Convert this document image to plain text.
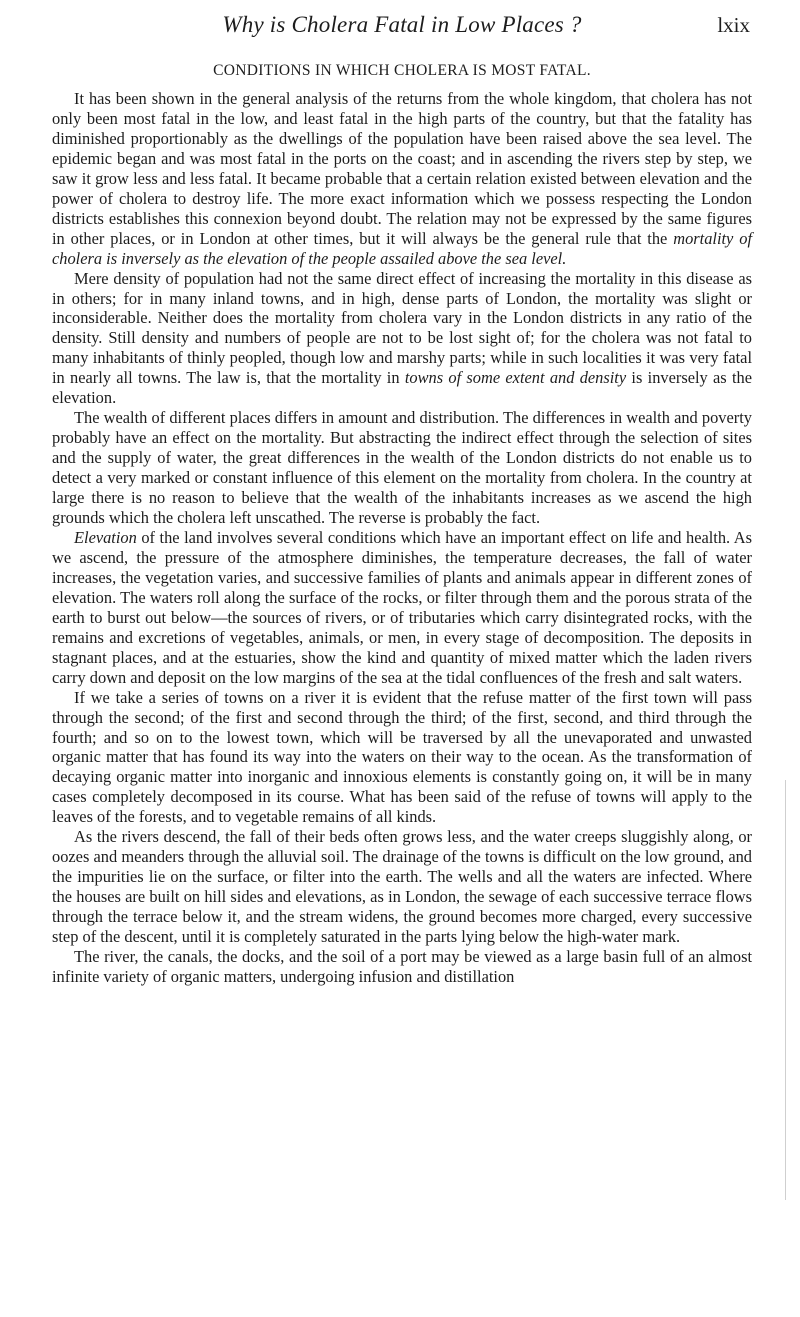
Why is Cholera Fatal in Low Places ?	lxix
CONDITIONS IN WHICH CHOLERA IS MOST FATAL.

It has been shown in the general analysis of the returns from the whole kingdom, that cholera has not only been most fatal in the low, and least fatal in the high parts of the country, but that the fatality has diminished proportionably as the dwellings of the population have been raised above the sea level. The epidemic began and was most fatal in the ports on the coast; and in ascending the rivers step by step, we saw it grow less and less fatal. It became probable that a certain relation existed between elevation and the power of cholera to destroy life. The more exact information which we possess respecting the London districts establishes this connexion beyond doubt. The relation may not be expressed by the same figures in other places, or in London at other times, but it will always be the general rule that the mortality of cholera is inversely as the elevation of the people assailed above the sea level.

Mere density of population had not the same direct effect of increasing the mortality in this disease as in others; for in many inland towns, and in high, dense parts of London, the mortality was slight or inconsiderable. Neither does the mortality from cholera vary in the London districts in any ratio of the density. Still density and numbers of people are not to be lost sight of; for the cholera was not fatal to many inhabitants of thinly peopled, though low and marshy parts; while in such localities it was very fatal in nearly all towns. The law is, that the mortality in towns of some extent and density is inversely as the elevation.

The wealth of different places differs in amount and distribution. The differences in wealth and poverty probably have an effect on the mortality. But abstracting the indirect effect through the selection of sites and the supply of water, the great differences in the wealth of the London districts do not enable us to detect a very marked or constant influence of this element on the mortality from cholera. In the country at large there is no reason to believe that the wealth of the inhabitants increases as we ascend the high grounds which the cholera left unscathed. The reverse is probably the fact.

Elevation of the land involves several conditions which have an important effect on life and health. As we ascend, the pressure of the atmosphere diminishes, the temperature decreases, the fall of water increases, the vegetation varies, and successive families of plants and animals appear in different zones of elevation. The waters roll along the surface of the rocks, or filter through them and the porous strata of the earth to burst out below—the sources of rivers, or of tributaries which carry disintegrated rocks, with the remains and excretions of vegetables, animals, or men, in every stage of decomposition. The deposits in stagnant places, and at the estuaries, show the kind and quantity of mixed matter which the laden rivers carry down and deposit on the low margins of the sea at the tidal confluences of the fresh and salt waters.

If we take a series of towns on a river it is evident that the refuse matter of the first town will pass through the second; of the first and second through the third; of the first, second, and third through the fourth; and so on to the lowest town, which will be traversed by all the unevaporated and unwasted organic matter that has found its way into the waters on their way to the ocean. As the transformation of decaying organic matter into inorganic and innoxious elements is constantly going on, it will be in many cases completely decomposed in its course. What has been said of the refuse of towns will apply to the leaves of the forests, and to vegetable remains of all kinds.

As the rivers descend, the fall of their beds often grows less, and the water creeps sluggishly along, or oozes and meanders through the alluvial soil. The drainage of the towns is difficult on the low ground, and the impurities lie on the surface, or filter into the earth. The wells and all the waters are infected. Where the houses are built on hill sides and elevations, as in London, the sewage of each successive terrace flows through the terrace below it, and the stream widens, the ground becomes more charged, every successive step of the descent, until it is completely saturated in the parts lying below the high-water mark.

The river, the canals, the docks, and the soil of a port may be viewed as a large basin full of an almost infinite variety of organic matters, undergoing infusion and distillation
